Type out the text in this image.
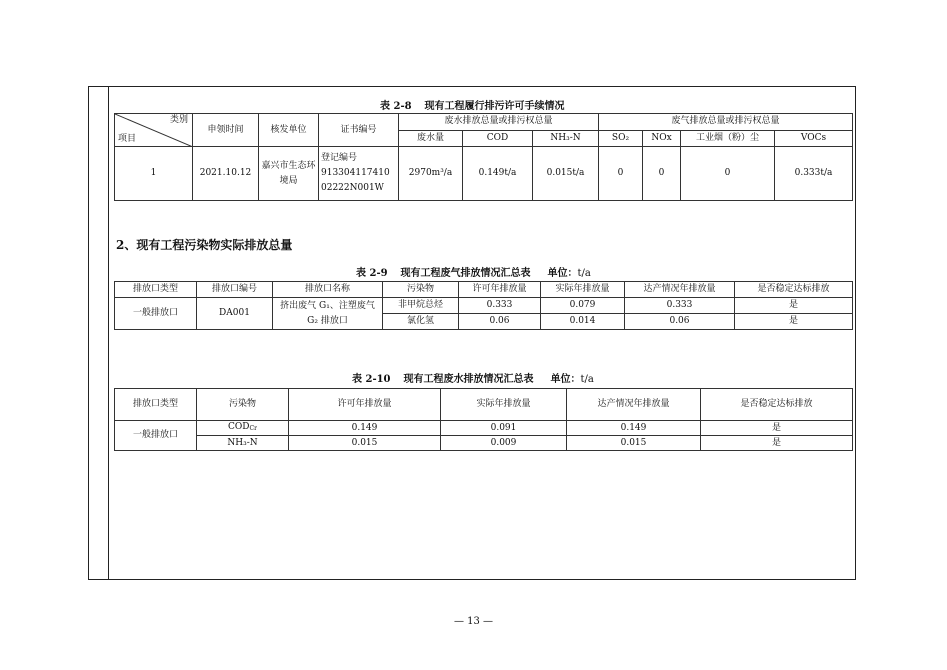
表 2-8 现有工程履行排污许可手续情况
类别
项目	申领时间	核发单位	证书编号	废水排放总量或排污权总量			废气排放总量或排污权总量			
				废水量	COD	NH₃-N	SO₂	NOx	工业烟（粉）尘	VOCs
1	2021.10.12	嘉兴市生态环境局	登记编号
913304117410
02222N001W	2970m³/a	0.149t/a	0.015t/a	0	0	0	0.333t/a
2、现有工程污染物实际排放总量
表 2-9 现有工程废气排放情况汇总表 单位：t/a
排放口类型	排放口编号	排放口名称	污染物	许可年排放量	实际年排放量	达产情况年排放量	是否稳定达标排放
一般排放口	DA001	挤出废气 G₁、注塑废气 G₂ 排放口	非甲烷总烃	0.333	0.079	0.333	是
			氯化氢	0.06	0.014	0.06	是
表 2-10 现有工程废水排放情况汇总表 单位：t/a
排放口类型	污染物	许可年排放量	实际年排放量	达产情况年排放量	是否稳定达标排放
一般排放口	$COD_{Cr}$	0.149	0.091	0.149	是
	NH₃-N	0.015	0.009	0.015	是
— 13 —
